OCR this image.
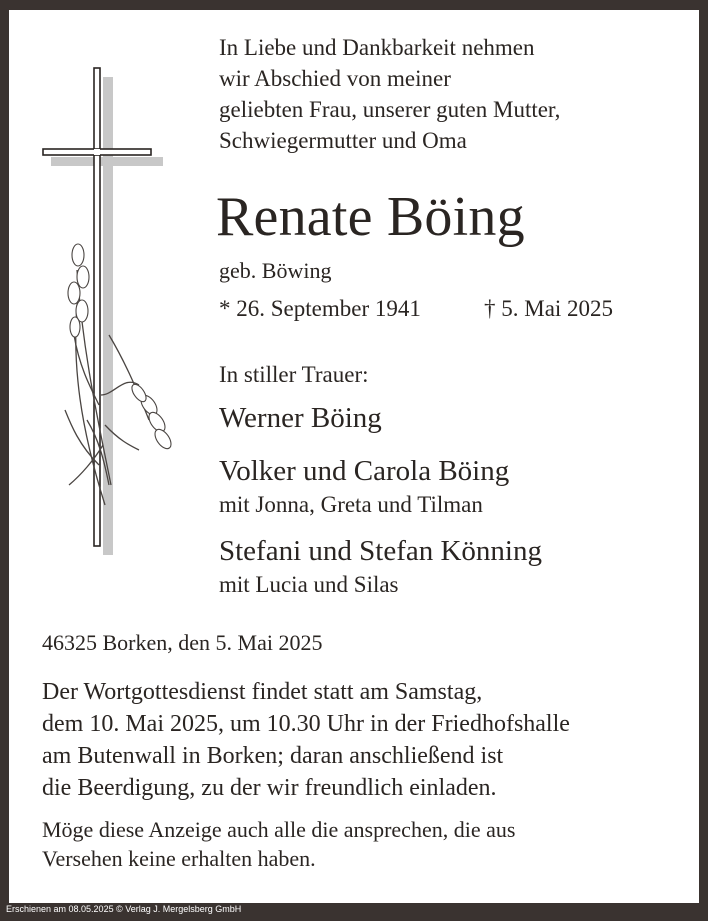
In Liebe und Dankbarkeit nehmen
wir Abschied von meiner
geliebten Frau, unserer guten Mutter,
Schwiegermutter und Oma
Renate Böing
geb. Böwing
* 26. September 1941	† 5. Mai 2025
In stiller Trauer:
Werner Böing
Volker und Carola Böing
mit Jonna, Greta und Tilman
Stefani und Stefan Könning
mit Lucia und Silas
46325 Borken, den 5. Mai 2025
Der Wortgottesdienst findet statt am Samstag,
dem 10. Mai 2025, um 10.30 Uhr in der Friedhofshalle
am Butenwall in Borken; daran anschließend ist
die Beerdigung, zu der wir freundlich einladen.
Möge diese Anzeige auch alle die ansprechen, die aus
Versehen keine erhalten haben.
Erschienen am 08.05.2025 © Verlag J. Mergelsberg GmbH
